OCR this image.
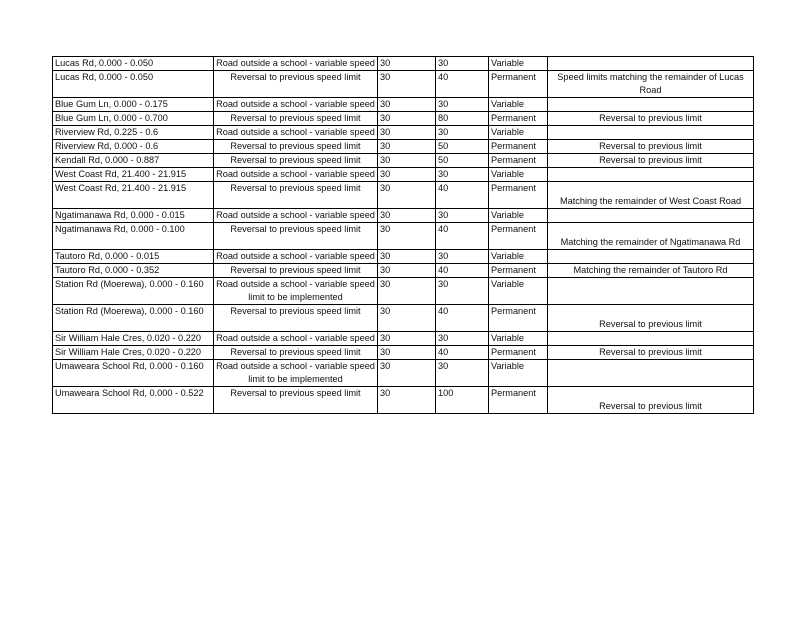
Lucas Rd, 0.000 - 0.050	Road outside a school - variable speed	30	30	Variable	
Lucas Rd, 0.000 - 0.050	Reversal to previous speed limit	30	40	Permanent	Speed limits matching the remainder of Lucas Road
Blue Gum Ln, 0.000 - 0.175	Road outside a school - variable speed	30	30	Variable	
Blue Gum Ln, 0.000 - 0.700	Reversal to previous speed limit	30	80	Permanent	Reversal to previous limit
Riverview Rd, 0.225 - 0.6	Road outside a school - variable speed	30	30	Variable	
Riverview Rd, 0.000 - 0.6	Reversal to previous speed limit	30	50	Permanent	Reversal to previous limit
Kendall Rd, 0.000 - 0.887	Reversal to previous speed limit	30	50	Permanent	Reversal to previous limit
West Coast Rd, 21.400 - 21.915	Road outside a school - variable speed	30	30	Variable	
West Coast Rd, 21.400 - 21.915	Reversal to previous speed limit	30	40	Permanent	Matching the remainder of West Coast Road
Ngatimanawa Rd, 0.000 - 0.015	Road outside a school - variable speed	30	30	Variable	
Ngatimanawa Rd, 0.000 - 0.100	Reversal to previous speed limit	30	40	Permanent	Matching the remainder of Ngatimanawa Rd
Tautoro Rd, 0.000 - 0.015	Road outside a school - variable speed	30	30	Variable	
Tautoro Rd, 0.000 - 0.352	Reversal to previous speed limit	30	40	Permanent	Matching the remainder of Tautoro Rd
Station Rd (Moerewa), 0.000 - 0.160	Road outside a school - variable speed limit to be implemented	30	30	Variable	
Station Rd (Moerewa), 0.000 - 0.160	Reversal to previous speed limit	30	40	Permanent	Reversal to previous limit
Sir William Hale Cres, 0.020 - 0.220	Road outside a school - variable speed	30	30	Variable	
Sir William Hale Cres, 0.020 - 0.220	Reversal to previous speed limit	30	40	Permanent	Reversal to previous limit
Umaweara School Rd, 0.000 - 0.160	Road outside a school - variable speed limit to be implemented	30	30	Variable	
Umaweara School Rd, 0.000 - 0.522	Reversal to previous speed limit	30	100	Permanent	Reversal to previous limit
